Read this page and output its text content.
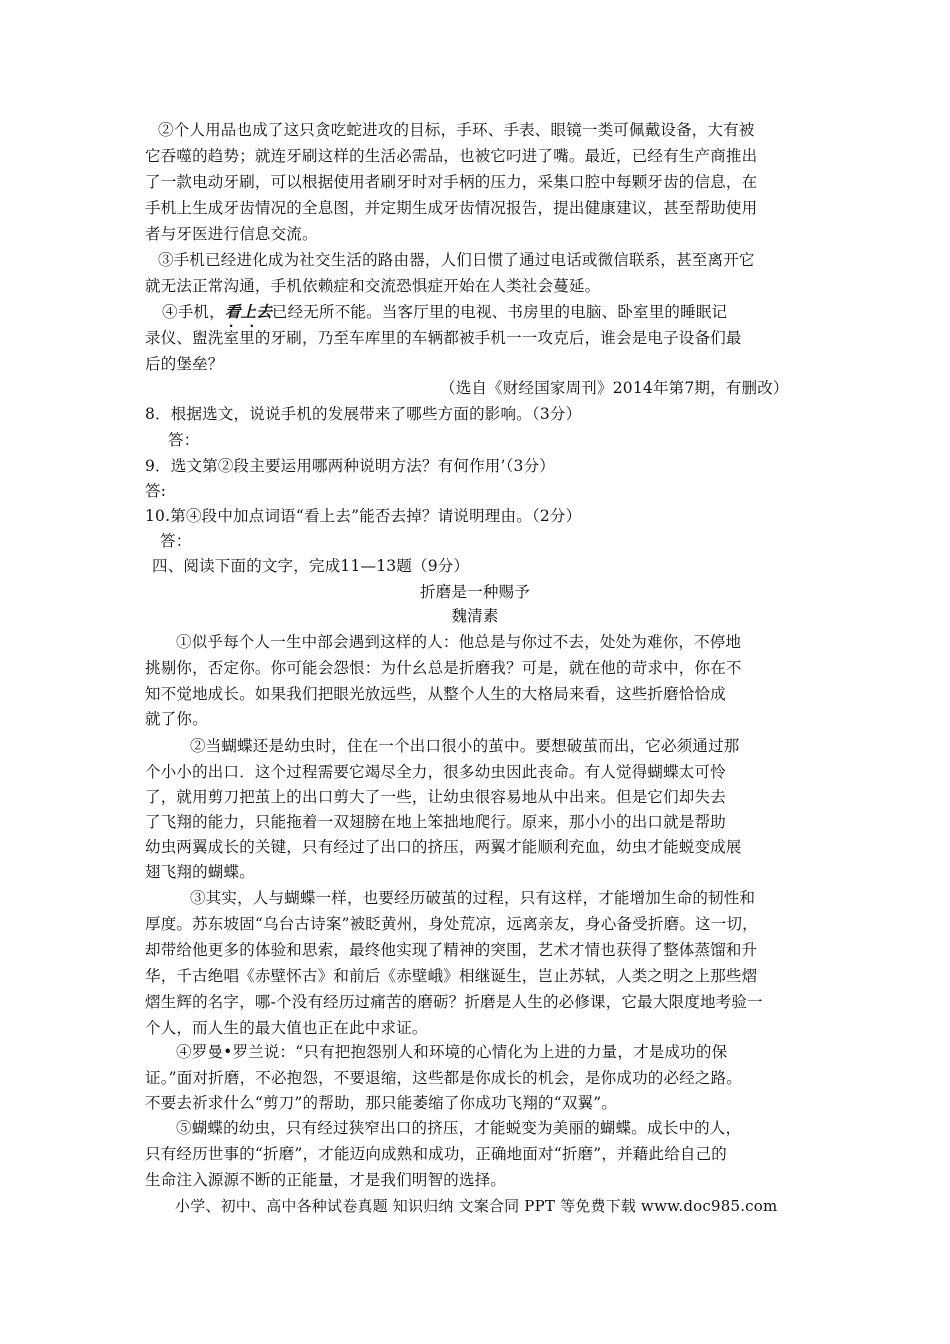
②个人用品也成了这只贪吃蛇进攻的目标，手环、手表、眼镜一类可佩戴设备，大有被
它吞噬的趋势；就连牙刷这样的生活必需品，也被它叼进了嘴。最近，已经有生产商推出
了一款电动牙刷，可以根据使用者刷牙时对手柄的压力，采集口腔中每颗牙齿的信息，在
手机上生成牙齿情况的全息图，并定期生成牙齿情况报告，提出健康建议，甚至帮助使用
者与牙医进行信息交流。
③手机已经进化成为社交生活的路由器，人们日惯了通过电话或微信联系，甚至离开它
就无法正常沟通，手机依赖症和交流恐惧症开始在人类社会蔓延。
④手机，看上去 · ·已经无所不能。当客厅里的电视、书房里的电脑、卧室里的睡眠记
录仪、盥洗室里的牙刷，乃至车库里的车辆都被手机一一攻克后，谁会是电子设备们最
后的堡垒？
（选自《财经国家周刊》2014年第7期，有删改）
8．根据选文，说说手机的发展带来了哪些方面的影响。（3分）
答：
9．选文第②段主要运用哪两种说明方法？有何作用’（3分）
答:
10.第④段中加点词语“看上去”能否去掉？请说明理由。（2分）
答：
四、阅读下面的文字，完成11—13题（9分）
折磨是一种赐予
魏清素
①似乎每个人一生中部会遇到这样的人：他总是与你过不去，处处为难你，不停地
挑剔你，否定你。你可能会怨恨：为什幺总是折磨我？可是，就在他的苛求中，你在不
知不觉地成长。如果我们把眼光放远些，从整个人生的大格局来看，这些折磨恰恰成
就了你。
②当蝴蝶还是幼虫时，住在一个出口很小的茧中。要想破茧而出，它必须通过那
个小小的出口．这个过程需要它竭尽全力，很多幼虫因此丧命。有人觉得蝴蝶太可怜
了，就用剪刀把茧上的出口剪大了一些，让幼虫很容易地从中出来。但是它们却失去
了飞翔的能力，只能拖着一双翅膀在地上笨拙地爬行。原来，那小小的出口就是帮助
幼虫两翼成长的关键，只有经过了出口的挤压，两翼才能顺利充血，幼虫才能蜕变成展
翅飞翔的蝴蝶。
③其实，人与蝴蝶一样，也要经历破茧的过程，只有这样，才能增加生命的韧性和
厚度。苏东坡固“乌台古诗案”被眨黄州，身处荒凉，远离亲友，身心备受折磨。这一切，
却带给他更多的体验和思索，最终他实现了精神的突围，艺术才情也获得了整体蒸馏和升
华，千古绝唱《赤壁怀古》和前后《赤壁峨》相继诞生，岂止苏轼，人类之明之上那些熠
熠生辉的名字，哪-个没有经历过痛苦的磨砺？折磨是人生的必修课，它最大限度地考验一
个人，而人生的最大值也正在此中求证。
④罗曼•罗兰说：“只有把抱怨别人和环境的心情化为上进的力量，才是成功的保
证。”面对折磨，不必抱怨，不要退缩，这些都是你成长的机会，是你成功的必经之路。
不要去祈求什么“剪刀”的帮助，那只能萎缩了你成功飞翔的“双翼”。
⑤蝴蝶的幼虫，只有经过狭窄出口的挤压，才能蜕变为美丽的蝴蝶。成长中的人，
只有经历世事的“折磨”，才能迈向成熟和成功，正确地面对“折磨”，并藉此给自己的
生命注入源源不断的正能量，才是我们明智的选择。
小学、初中、高中各种试卷真题 知识归纳 文案合同 PPT 等免费下载 www.doc985.com
